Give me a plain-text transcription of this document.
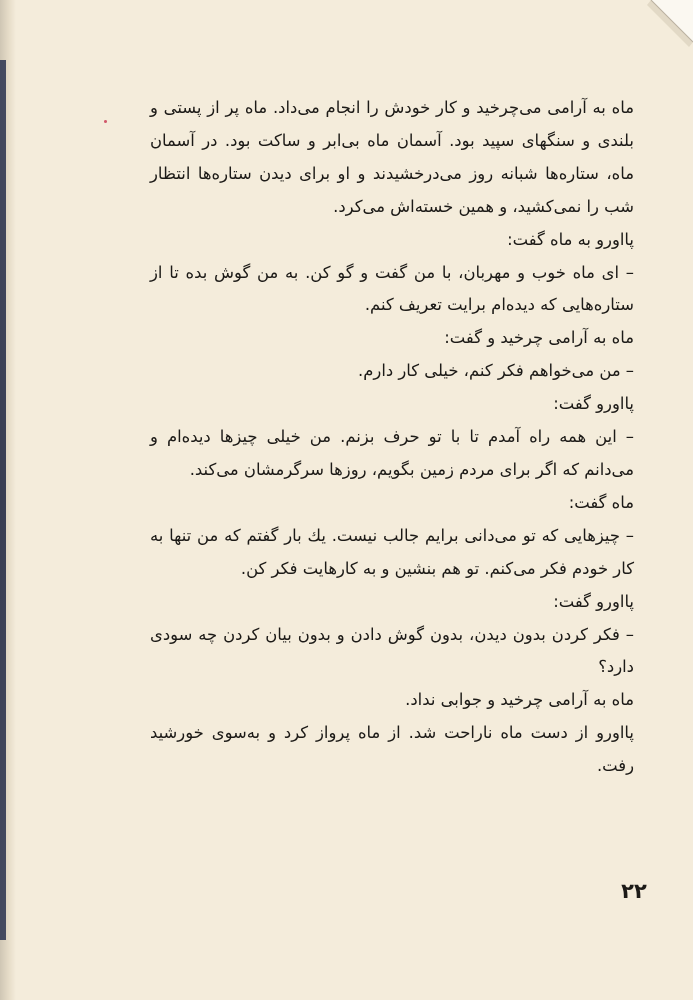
ماه به آرامی می‌چرخید و کار خودش را انجام می‌داد. ماه پر از پستی و بلندی و سنگهای سپید بود. آسمان ماه بی‌ابر و ساکت بود. در آسمان ماه، ستاره‌ها شبانه روز می‌درخشیدند و او برای دیدن ستاره‌ها انتظار شب را نمی‌کشید، و همین خسته‌اش می‌کرد.

پااورو به ماه گفت:

– ای ماه خوب و مهربان، با من گفت و گو کن. به من گوش بده تا از ستاره‌هایی که دیده‌ام برایت تعریف کنم.

ماه به آرامی چرخید و گفت:

– من می‌خواهم فکر کنم، خیلی کار دارم.

پااورو گفت:

– این همه راه آمدم تا با تو حرف بزنم. من خیلی چیزها دیده‌ام و می‌دانم که اگر برای مردم زمین بگویم، روزها سرگرمشان می‌کند.

ماه گفت:

– چیزهایی که تو می‌دانی برایم جالب نیست. یك بار گفتم که من تنها به کار خودم فکر می‌کنم. تو هم بنشین و به کارهایت فکر کن.

پااورو گفت:

– فکر کردن بدون دیدن، بدون گوش دادن و بدون بیان کردن چه سودی دارد؟

ماه به آرامی چرخید و جوابی نداد.

پااورو از دست ماه ناراحت شد. از ماه پرواز کرد و به‌سوی خورشید رفت.

۲۲
